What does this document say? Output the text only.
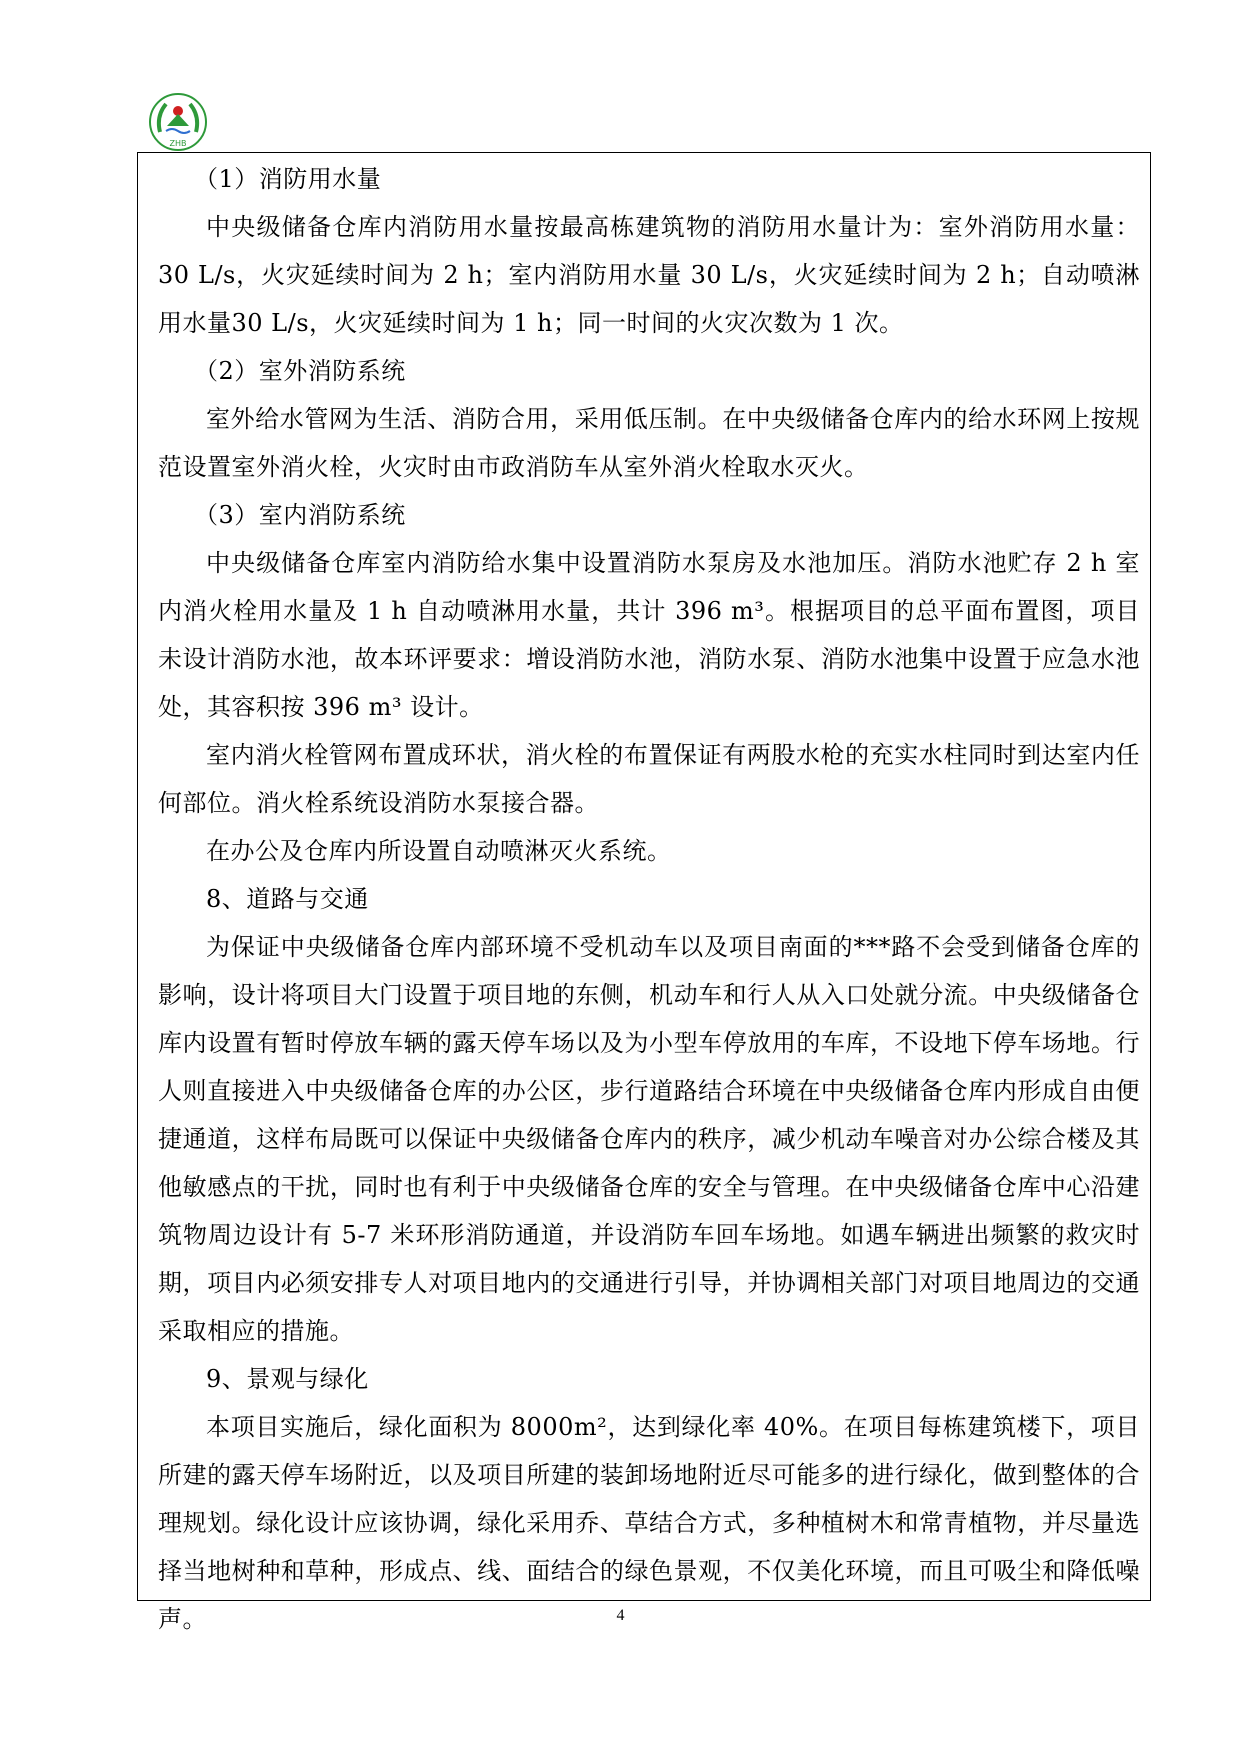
ZHB

（1）消防用水量

中央级储备仓库内消防用水量按最高栋建筑物的消防用水量计为：室外消防用水量：30 L/s，火灾延续时间为 2 h；室内消防用水量 30 L/s，火灾延续时间为 2 h；自动喷淋用水量30 L/s，火灾延续时间为 1 h；同一时间的火灾次数为 1 次。

（2）室外消防系统

室外给水管网为生活、消防合用，采用低压制。在中央级储备仓库内的给水环网上按规范设置室外消火栓，火灾时由市政消防车从室外消火栓取水灭火。

（3）室内消防系统

中央级储备仓库室内消防给水集中设置消防水泵房及水池加压。消防水池贮存 2 h 室内消火栓用水量及 1 h 自动喷淋用水量，共计 396 m³。根据项目的总平面布置图，项目未设计消防水池，故本环评要求：增设消防水池，消防水泵、消防水池集中设置于应急水池处，其容积按 396 m³ 设计。

室内消火栓管网布置成环状，消火栓的布置保证有两股水枪的充实水柱同时到达室内任何部位。消火栓系统设消防水泵接合器。

在办公及仓库内所设置自动喷淋灭火系统。

8、道路与交通

为保证中央级储备仓库内部环境不受机动车以及项目南面的***路不会受到储备仓库的影响，设计将项目大门设置于项目地的东侧，机动车和行人从入口处就分流。中央级储备仓库内设置有暂时停放车辆的露天停车场以及为小型车停放用的车库，不设地下停车场地。行人则直接进入中央级储备仓库的办公区，步行道路结合环境在中央级储备仓库内形成自由便捷通道，这样布局既可以保证中央级储备仓库内的秩序，减少机动车噪音对办公综合楼及其他敏感点的干扰，同时也有利于中央级储备仓库的安全与管理。在中央级储备仓库中心沿建筑物周边设计有 5-7 米环形消防通道，并设消防车回车场地。如遇车辆进出频繁的救灾时期，项目内必须安排专人对项目地内的交通进行引导，并协调相关部门对项目地周边的交通采取相应的措施。

9、景观与绿化

本项目实施后，绿化面积为 8000m²，达到绿化率 40%。在项目每栋建筑楼下，项目所建的露天停车场附近，以及项目所建的装卸场地附近尽可能多的进行绿化，做到整体的合理规划。绿化设计应该协调，绿化采用乔、草结合方式，多种植树木和常青植物，并尽量选择当地树种和草种，形成点、线、面结合的绿色景观，不仅美化环境，而且可吸尘和降低噪声。	4
